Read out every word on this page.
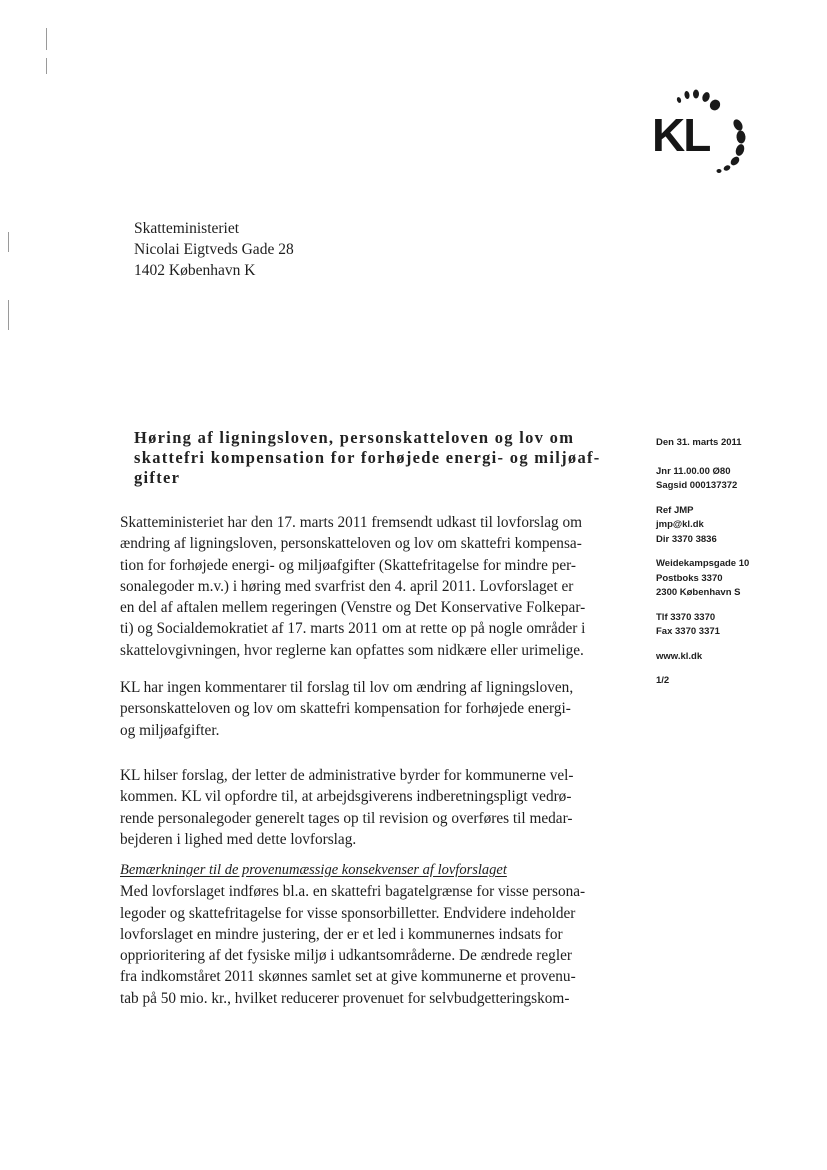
KL
Skatteministeriet
Nicolai Eigtveds Gade 28
1402 København K
Høring af ligningsloven, personskatteloven og lov om
skattefri kompensation for forhøjede energi- og miljøaf-
gifter
Skatteministeriet har den 17. marts 2011 fremsendt udkast til lovforslag om
ændring af ligningsloven, personskatteloven og lov om skattefri kompensa-
tion for forhøjede energi- og miljøafgifter (Skattefritagelse for mindre per-
sonalegoder m.v.) i høring med svarfrist den 4. april 2011. Lovforslaget er
en del af aftalen mellem regeringen (Venstre og Det Konservative Folkepar-
ti) og Socialdemokratiet af 17. marts 2011 om at rette op på nogle områder i
skattelovgivningen, hvor reglerne kan opfattes som nidkære eller urimelige.
KL har ingen kommentarer til forslag til lov om ændring af ligningsloven,
personskatteloven og lov om skattefri kompensation for forhøjede energi-
og miljøafgifter.
KL hilser forslag, der letter de administrative byrder for kommunerne vel-
kommen. KL vil opfordre til, at arbejdsgiverens indberetningspligt vedrø-
rende personalegoder generelt tages op til revision og overføres til medar-
bejderen i lighed med dette lovforslag.
Bemærkninger til de provenumæssige konsekvenser af lovforslaget
Med lovforslaget indføres bl.a. en skattefri bagatelgrænse for visse persona-
legoder og skattefritagelse for visse sponsorbilletter. Endvidere indeholder
lovforslaget en mindre justering, der er et led i kommunernes indsats for
opprioritering af det fysiske miljø i udkantsområderne. De ændrede regler
fra indkomståret 2011 skønnes samlet set at give kommunerne et provenu-
tab på 50 mio. kr., hvilket reducerer provenuet for selvbudgetteringskom-
Den 31. marts 2011
Jnr 11.00.00 Ø80
Sagsid 000137372
Ref JMP
jmp@kl.dk
Dir 3370 3836
Weidekampsgade 10
Postboks 3370
2300 København S
Tlf 3370 3370
Fax 3370 3371
www.kl.dk
1/2
